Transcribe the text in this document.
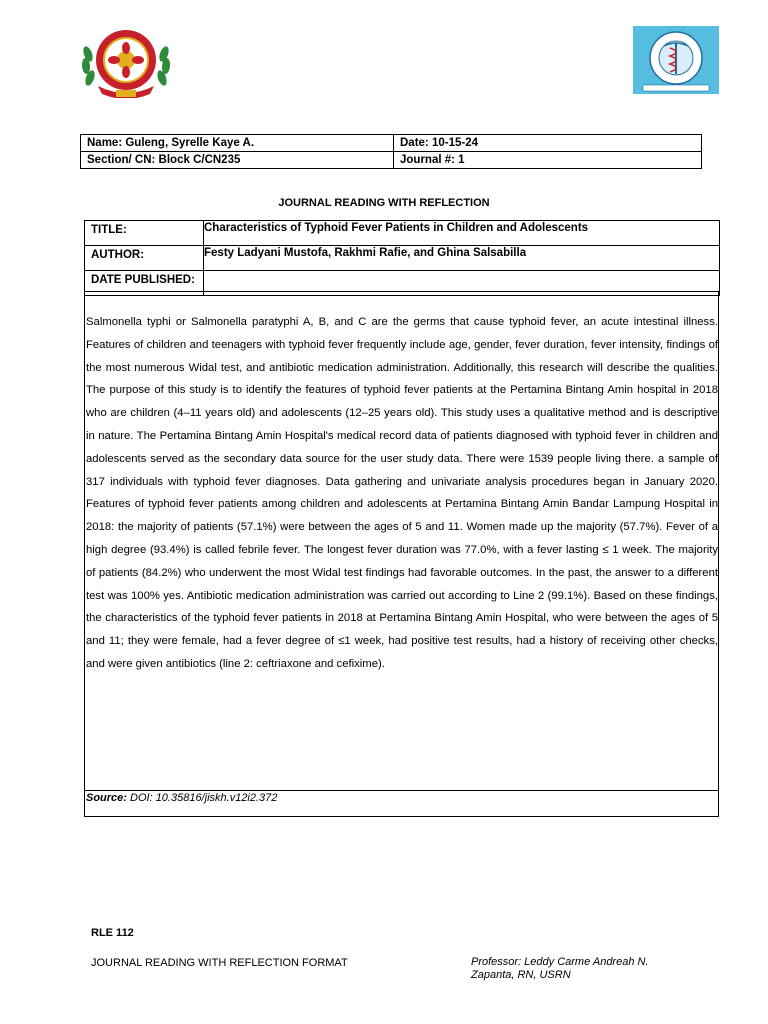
Name: Guleng, Syrelle Kaye A.	Date: 10-15-24
Section/ CN: Block C/CN235	Journal #: 1
JOURNAL READING WITH REFLECTION
TITLE:	Characteristics of Typhoid Fever Patients in Children and Adolescents
AUTHOR:	Festy Ladyani Mustofa, Rakhmi Rafie, and Ghina Salsabilla
DATE PUBLISHED:	

Salmonella typhi or Salmonella paratyphi A, B, and C are the germs that cause typhoid fever, an acute intestinal illness. Features of children and teenagers with typhoid fever frequently include age, gender, fever duration, fever intensity, findings of the most numerous Widal test, and antibiotic medication administration. Additionally, this research will describe the qualities. The purpose of this study is to identify the features of typhoid fever patients at the Pertamina Bintang Amin hospital in 2018 who are children (4–11 years old) and adolescents (12–25 years old). This study uses a qualitative method and is descriptive in nature. The Pertamina Bintang Amin Hospital's medical record data of patients diagnosed with typhoid fever in children and adolescents served as the secondary data source for the user study data. There were 1539 people living there. a sample of 317 individuals with typhoid fever diagnoses. Data gathering and univariate analysis procedures began in January 2020. Features of typhoid fever patients among children and adolescents at Pertamina Bintang Amin Bandar Lampung Hospital in 2018: the majority of patients (57.1%) were between the ages of 5 and 11. Women made up the majority (57.7%). Fever of a high degree (93.4%) is called febrile fever. The longest fever duration was 77.0%, with a fever lasting ≤ 1 week. The majority of patients (84.2%) who underwent the most Widal test findings had favorable outcomes. In the past, the answer to a different test was 100% yes. Antibiotic medication administration was carried out according to Line 2 (99.1%). Based on these findings, the characteristics of the typhoid fever patients in 2018 at Pertamina Bintang Amin Hospital, who were between the ages of 5 and 11; they were female, had a fever degree of ≤1 week, had positive test results, had a history of receiving other checks, and were given antibiotics (line 2: ceftriaxone and cefixime).

Source: DOI: 10.35816/jiskh.v12i2.372
RLE 112
JOURNAL READING WITH REFLECTION FORMAT	Professor: Leddy Carme Andreah N. Zapanta, RN, USRN
